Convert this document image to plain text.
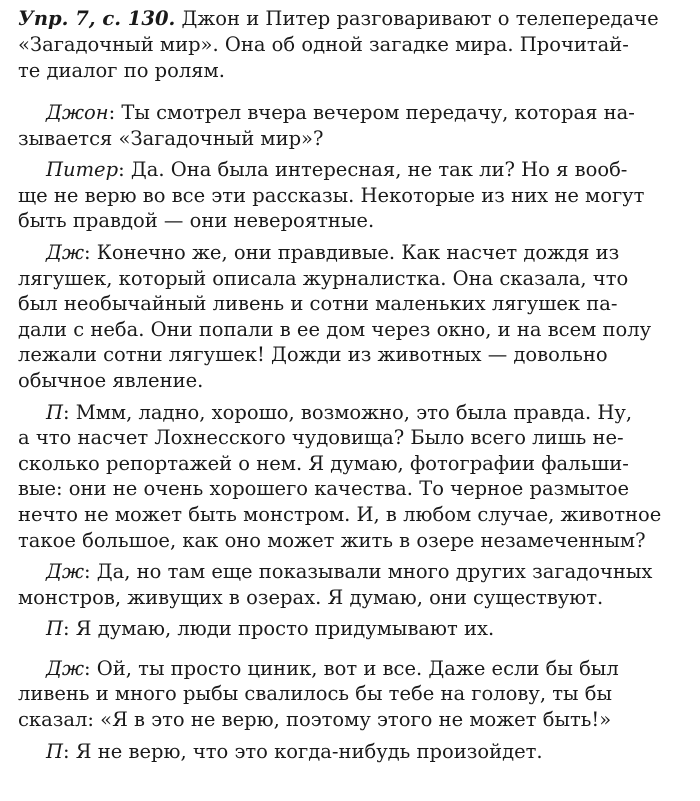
Упр. 7, с. 130. Джон и Питер разговаривают о телепередаче
«Загадочный мир». Она об одной загадке мира. Прочитай-
те диалог по ролям.
Джон: Ты смотрел вчера вечером передачу, которая на-
зывается «Загадочный мир»?
Питер: Да. Она была интересная, не так ли? Но я вооб-
ще не верю во все эти рассказы. Некоторые из них не могут
быть правдой — они невероятные.
Дж: Конечно же, они правдивые. Как насчет дождя из
лягушек, который описала журналистка. Она сказала, что
был необычайный ливень и сотни маленьких лягушек па-
дали с неба. Они попали в ее дом через окно, и на всем полу
лежали сотни лягушек! Дожди из животных — довольно
обычное явление.
П: Ммм, ладно, хорошо, возможно, это была правда. Ну,
а что насчет Лохнесского чудовища? Было всего лишь не-
сколько репортажей о нем. Я думаю, фотографии фальши-
вые: они не очень хорошего качества. То черное размытое
нечто не может быть монстром. И, в любом случае, животное
такое большое, как оно может жить в озере незамеченным?
Дж: Да, но там еще показывали много других загадочных
монстров, живущих в озерах. Я думаю, они существуют.
П: Я думаю, люди просто придумывают их.
Дж: Ой, ты просто циник, вот и все. Даже если бы был
ливень и много рыбы свалилось бы тебе на голову, ты бы
сказал: «Я в это не верю, поэтому этого не может быть!»
П: Я не верю, что это когда-нибудь произойдет.
